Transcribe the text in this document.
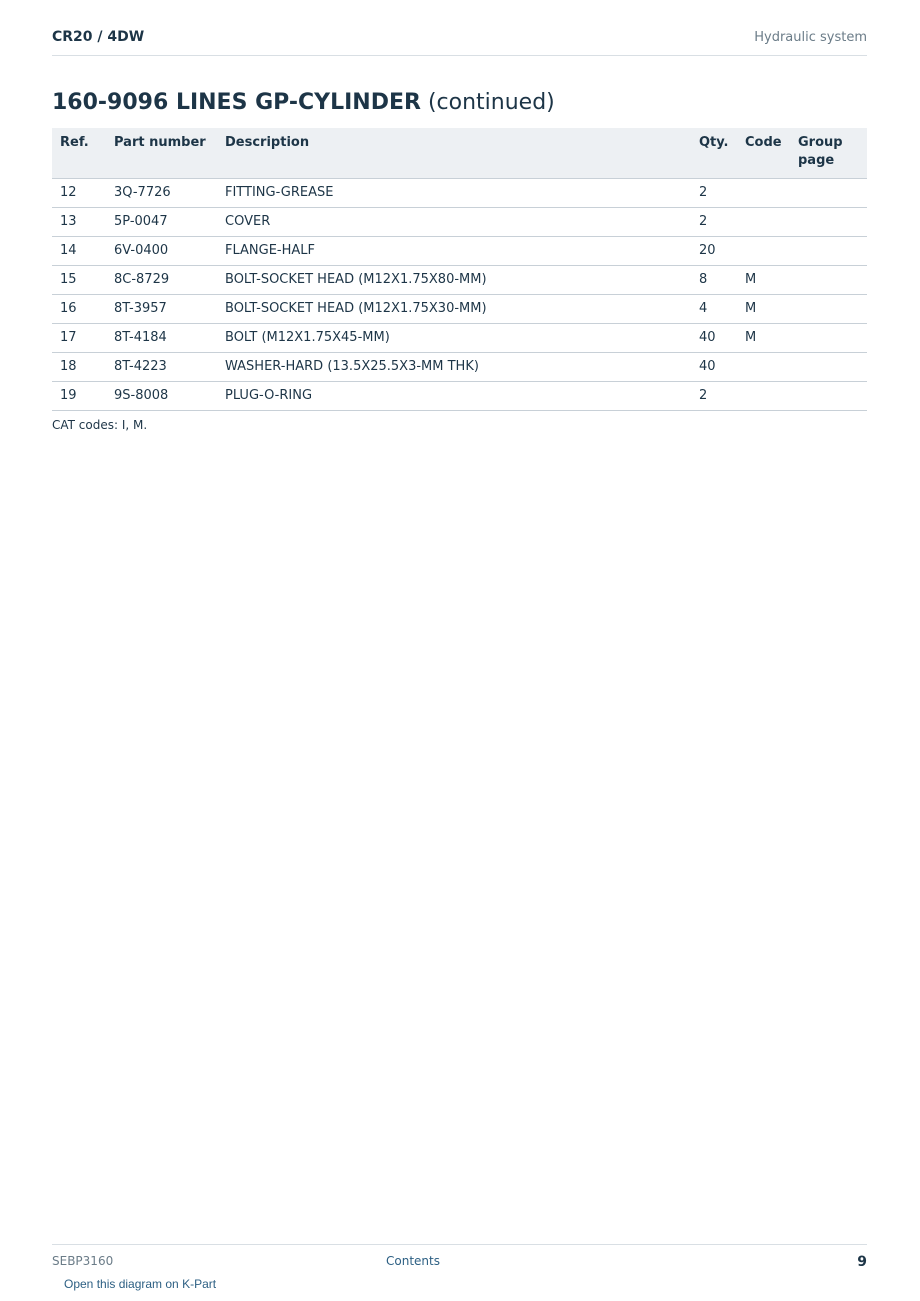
CR20 / 4DW	Hydraulic system
160-9096 LINES GP-CYLINDER (continued)
Ref.	Part number	Description	Qty.	Code	Group page
12	3Q-7726	FITTING-GREASE	2		
13	5P-0047	COVER	2		
14	6V-0400	FLANGE-HALF	20		
15	8C-8729	BOLT-SOCKET HEAD (M12X1.75X80-MM)	8	M	
16	8T-3957	BOLT-SOCKET HEAD (M12X1.75X30-MM)	4	M	
17	8T-4184	BOLT (M12X1.75X45-MM)	40	M	
18	8T-4223	WASHER-HARD (13.5X25.5X3-MM THK)	40		
19	9S-8008	PLUG-O-RING	2		
CAT codes: I, M.
SEBP3160	Contents	9
Open this diagram on K-Part
